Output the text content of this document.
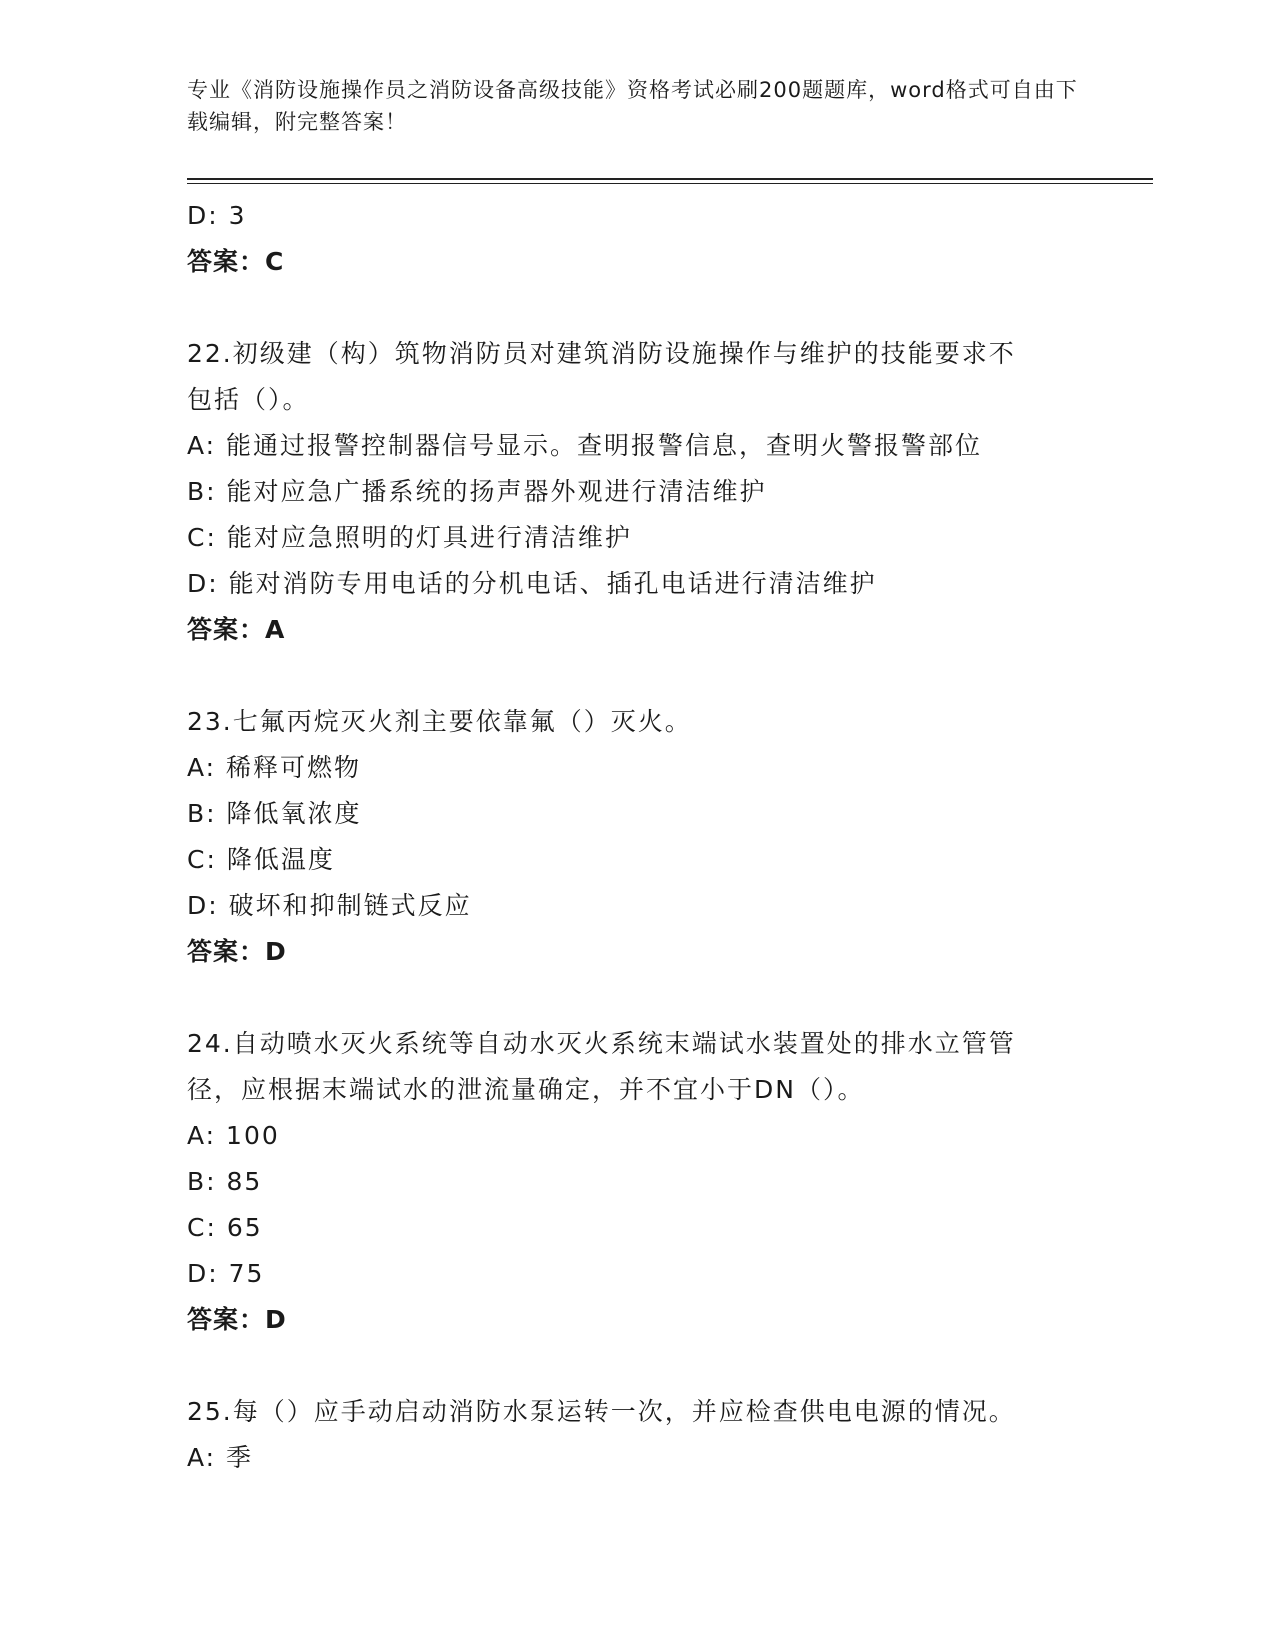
专业《消防设施操作员之消防设备高级技能》资格考试必刷200题题库，word格式可自由下载编辑，附完整答案！
D: 3
答案：C
22.初级建（构）筑物消防员对建筑消防设施操作与维护的技能要求不
包括（）。
A: 能通过报警控制器信号显示。查明报警信息，查明火警报警部位
B: 能对应急广播系统的扬声器外观进行清洁维护
C: 能对应急照明的灯具进行清洁维护
D: 能对消防专用电话的分机电话、插孔电话进行清洁维护
答案：A
23.七氟丙烷灭火剂主要依靠氟（）灭火。
A: 稀释可燃物
B: 降低氧浓度
C: 降低温度
D: 破坏和抑制链式反应
答案：D
24.自动喷水灭火系统等自动水灭火系统末端试水装置处的排水立管管
径，应根据末端试水的泄流量确定，并不宜小于DN（）。
A: 100
B: 85
C: 65
D: 75
答案：D
25.每（）应手动启动消防水泵运转一次，并应检查供电电源的情况。
A: 季
